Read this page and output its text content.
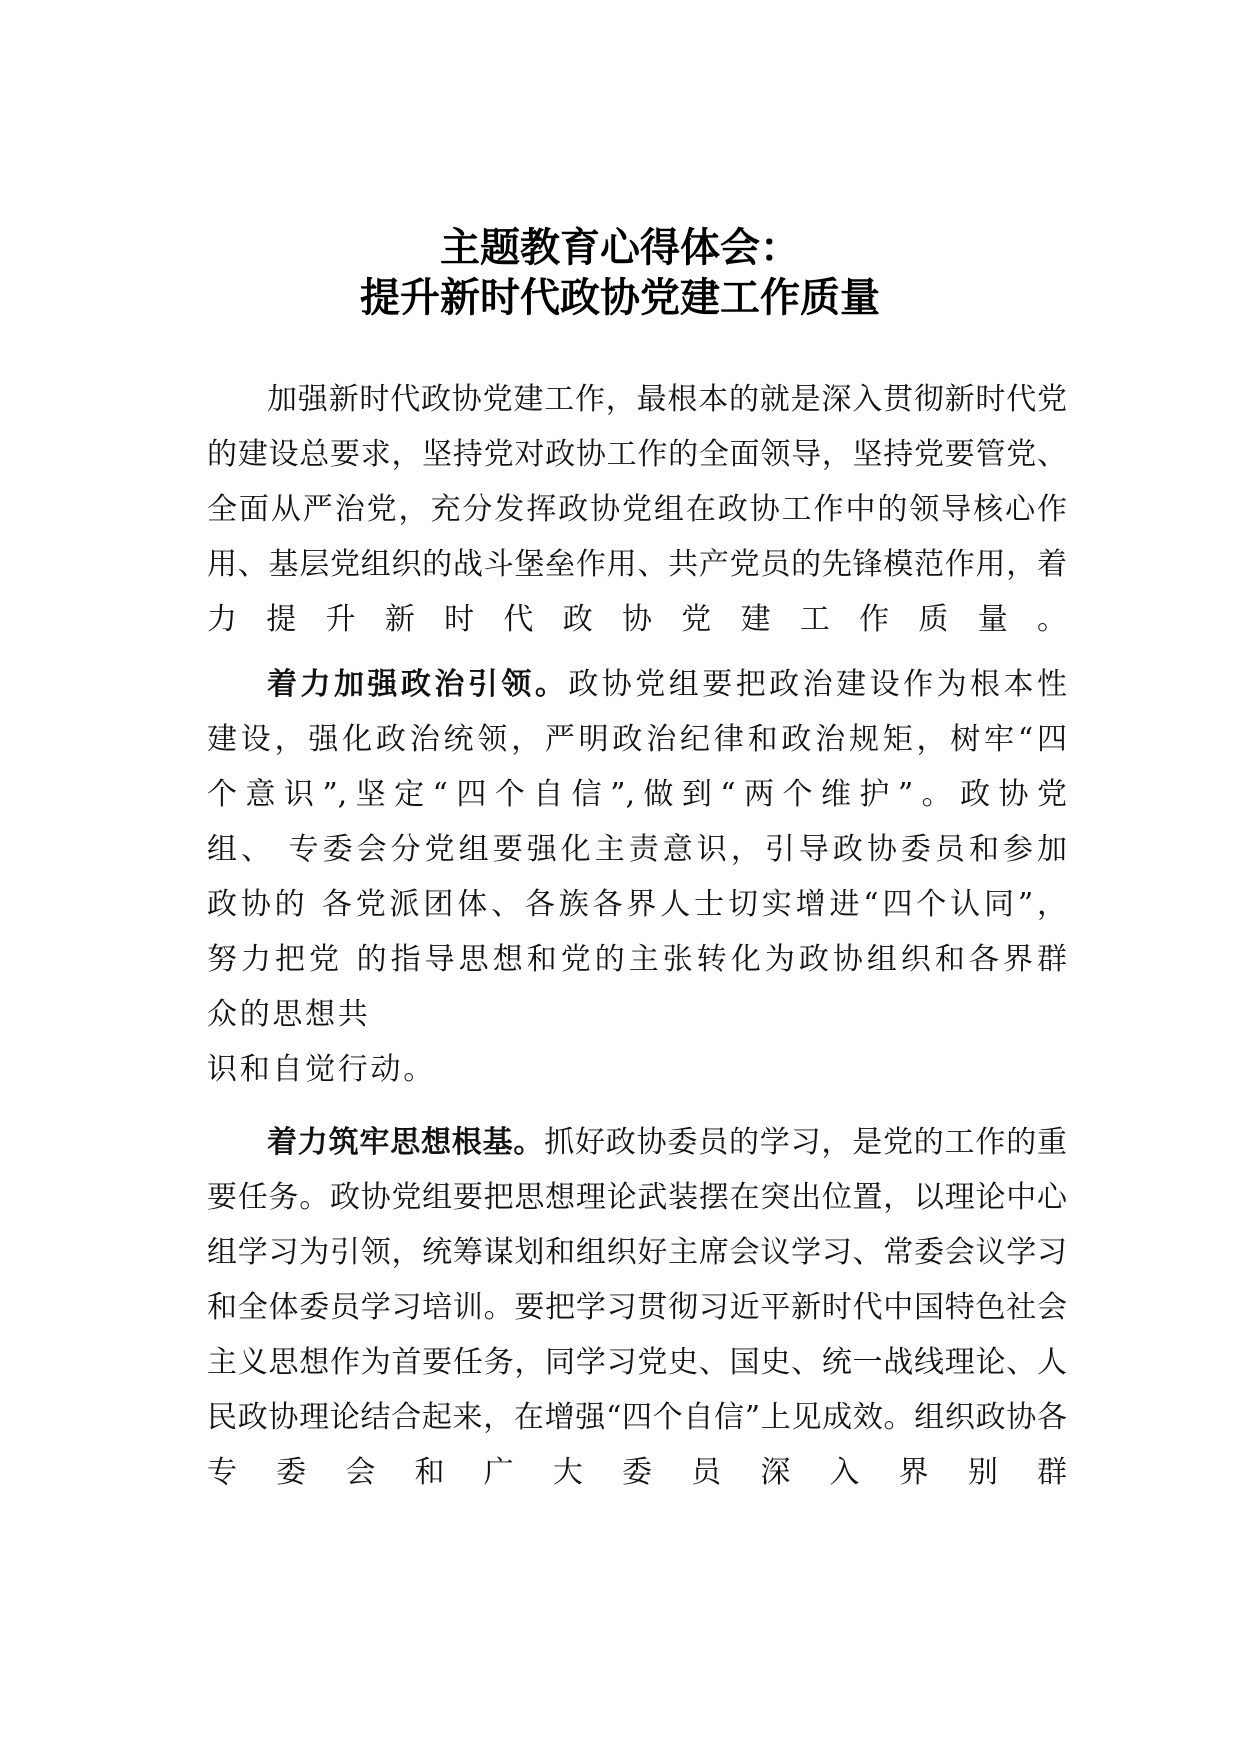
主题教育心得体会：
提升新时代政协党建工作质量

加强新时代政协党建工作，最根本的就是深入贯彻新时代党的建设总要求，坚持党对政协工作的全面领导，坚持党要管党、全面从严治党，充分发挥政协党组在政协工作中的领导核心作用、基层党组织的战斗堡垒作用、共产党员的先锋模范作用，着力提升新时代政协党建工作质量。

着力加强政治引领。政协党组要把政治建设作为根本性
建设，强化政治统领，严明政治纪律和政治规矩，树牢“四
个意识”,坚定“四个自信”,做到“两个维护”。政协党
组、 专委会分党组要强化主责意识，引导政协委员和参加
政协的 各党派团体、各族各界人士切实增进“四个认同”，
努力把党 的指导思想和党的主张转化为政协组织和各界群
众的思想共
识和自觉行动。

着力筑牢思想根基。抓好政协委员的学习，是党的工作的重要任务。政协党组要把思想理论武装摆在突出位置，以理论中心组学习为引领，统筹谋划和组织好主席会议学习、常委会议学习和全体委员学习培训。要把学习贯彻习近平新时代中国特色社会主义思想作为首要任务，同学习党史、国史、统一战线理论、人民政协理论结合起来，在增强“四个自信”上见成效。组织政协各专委会和广大委员深入界别群
